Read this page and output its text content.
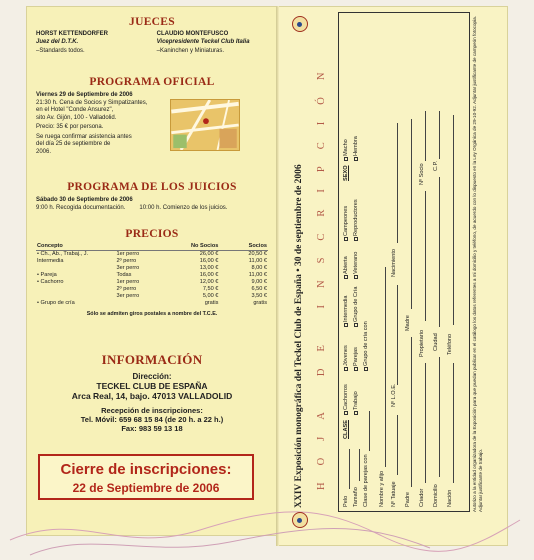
JUECES
HORST KETTENDORFER
Juez del D.T.K.
–Standards todos.
CLAUDIO MONTEFUSCO
Vicepresidente Teckel Club Italia
–Kaninchen y Miniaturas.
PROGRAMA OFICIAL
Viernes 29 de Septiembre de 2006
21:30 h. Cena de Socios y Simpatizantes,
en el Hotel "Conde Ansurez",
sito Av. Gijón, 100 - Valladolid.
Precio: 35 € por persona.
Se ruega confirmar asistencia antes
del día 25 de septiembre de
2006.
PROGRAMA DE LOS JUICIOS
Sábado 30 de Septiembre de 2006
9:00 h. Recogida documentación. 10:00 h. Comienzo de los juicios.
PRECIOS
Concepto		No Socios	Socios
• Ch., Ab., Trabaj., J.	1er perro	26,00 €	20,50 €
Intermedia	2º perro	16,00 €	11,00 €
	3er perro	13,00 €	8,00 €
• Pareja	Todas	16,00 €	11,00 €
• Cachorro	1er perro	12,00 €	9,00 €
	2º perro	7,50 €	6,50 €
	3er perro	5,00 €	3,50 €
• Grupo de cría		gratis	gratis
Sólo se admiten giros postales a nombre del T.C.E.
INFORMACIÓN
Dirección:
TECKEL CLUB DE ESPAÑA
Arca Real, 14, bajo. 47013 VALLADOLID
Recepción de inscripciones:
Tel. Móvil: 659 68 15 84 (de 20 h. a 22 h.)
Fax: 983 59 13 18
Cierre de inscripciones:
22 de Septiembre de 2006	XXIV Exposición monográfica del Teckel Club de España • 30 de septiembre de 2006 HOJA DE INSCRIPCIÓN
Pelo Tamaño Clase de parejas con
CLASE
Cachorros Trabajo
Jóvenes Parejas Grupo de cría con
Intermedia Grupo de Cría
Abierta Veterano
Campeones Reproductores
SEXO
Macho Hembra
Nombre y afijo Nº Tatuaje
Nº L.O.E.
Nacimiento
Padre
Madre
Criador
Propietario
Nº Socio
Domicilio
Ciudad
C.P.
Nación
Teléfono	Autorizo a la entidad organizadora de la Exposición para que puedan publicar en el catálogo los datos referentes a mi domicilio y teléfono, de acuerdo con lo dispuesto en la Ley Orgánica de 29-10-92. Adjuntar justificante de campeón fotocopia. Adjuntar justificante de trabajo.
